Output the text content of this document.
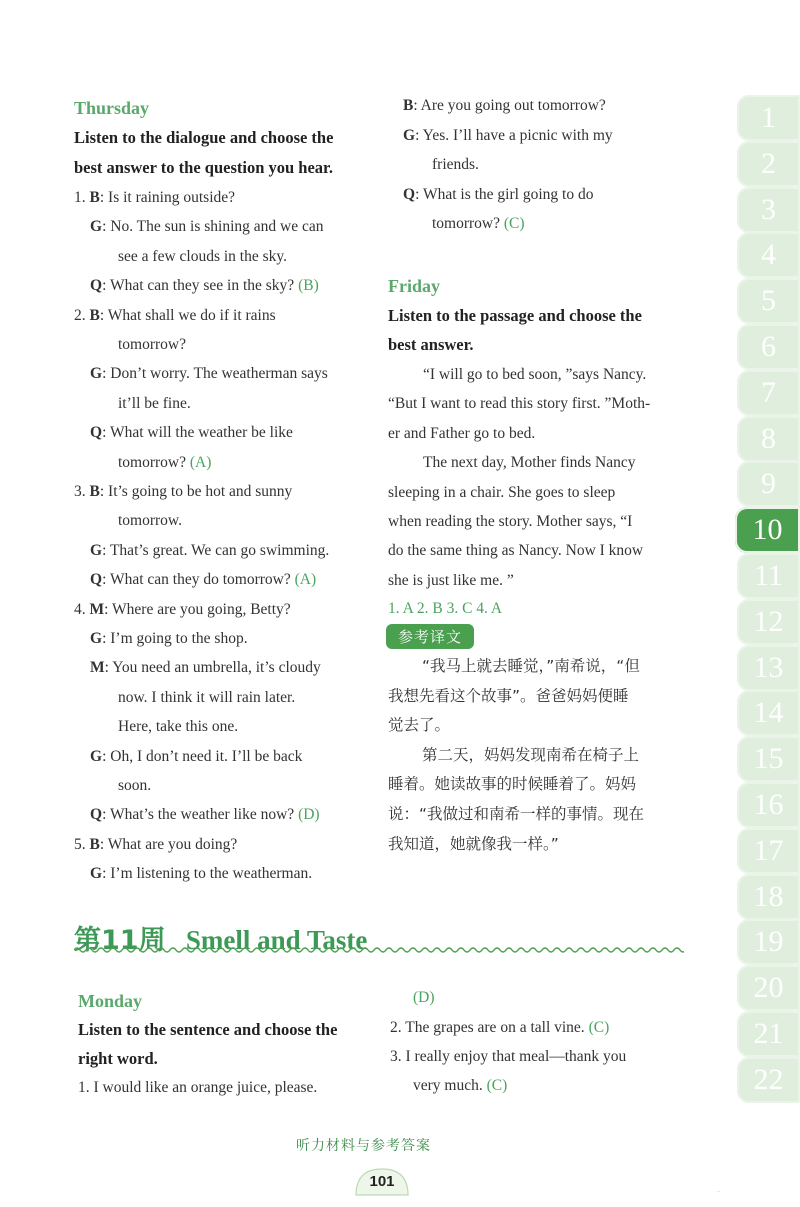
Thursday
Listen to the dialogue and choose the
best answer to the question you hear.
1. B: Is it raining outside?
G: No. The sun is shining and we can
see a few clouds in the sky.
Q: What can they see in the sky? (B)
2. B: What shall we do if it rains
tomorrow?
G: Don’t worry. The weatherman says
it’ll be fine.
Q: What will the weather be like
tomorrow? (A)
3. B: It’s going to be hot and sunny
tomorrow.
G: That’s great. We can go swimming.
Q: What can they do tomorrow? (A)
4. M: Where are you going, Betty?
G: I’m going to the shop.
M: You need an umbrella, it’s cloudy
now. I think it will rain later.
Here, take this one.
G: Oh, I don’t need it. I’ll be back
soon.
Q: What’s the weather like now? (D)
5. B: What are you doing?
G: I’m listening to the weatherman.
B: Are you going out tomorrow?
G: Yes. I’ll have a picnic with my
friends.
Q: What is the girl going to do
tomorrow? (C)
Friday
Listen to the passage and choose the
best answer.
“I will go to bed soon, ”says Nancy.
“But I want to read this story first. ”Moth-
er and Father go to bed.
The next day, Mother finds Nancy
sleeping in a chair. She goes to sleep
when reading the story. Mother says, “I
do the same thing as Nancy. Now I know
she is just like me. ”
1. A 2. B 3. C 4. A
参考译文
“我马上就去睡觉，”南希说，“但
我想先看这个故事”。爸爸妈妈便睡
觉去了。
第二天，妈妈发现南希在椅子上
睡着。她读故事的时候睡着了。妈妈
说：“我做过和南希一样的事情。现在
我知道，她就像我一样。”
第11周 Smell and Taste
Monday
Listen to the sentence and choose the
right word.
1. I would like an orange juice, please.
(D)
2. The grapes are on a tall vine. (C)
3. I really enjoy that meal—thank you
very much. (C)
1
2
3
4
5
6
7
8
9
10
11
12
13
14
15
16
17
18
19
20
21
22
听力材料与参考答案
101
··
